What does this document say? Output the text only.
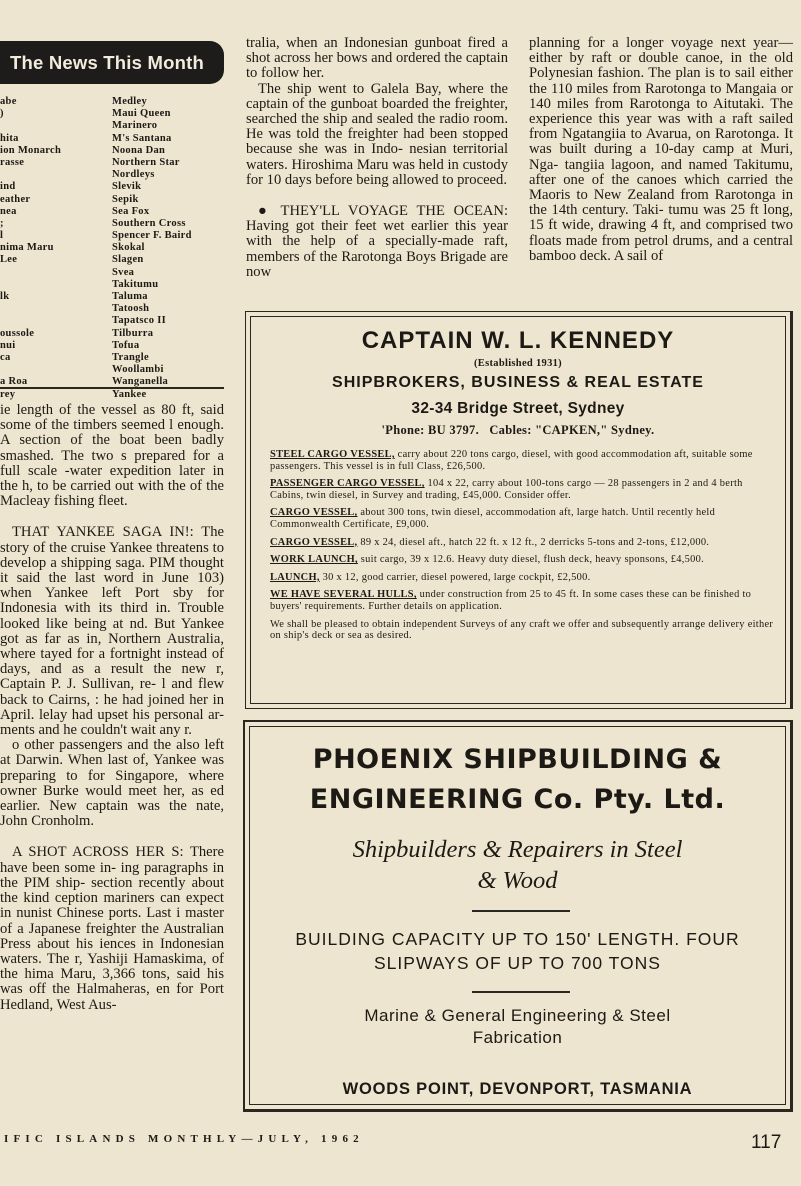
The News This Month
abe
)
hita
ion Monarch
rasse
ind
eather
nea
;
l
nima Maru
Lee
lk
oussole
nui
ca
a Roa
rey
Medley
Maui Queen
Marinero
M's Santana
Noona Dan
Northern Star
Nordleys
Slevik
Sepik
Sea Fox
Southern Cross
Spencer F. Baird
Skokal
Slagen
Svea
Takitumu
Taluma
Tatoosh
Tapatsco II
Tilburra
Tofua
Trangle
Woollambi
Wanganella
Yankee

ie length of the vessel as 80 ft, said some of the timbers seemed l enough. A section of the boat been badly smashed. The two s prepared for a full scale -water expedition later in the h, to be carried out with the of the Macleay fishing fleet.

THAT YANKEE SAGA IN!: The story of the cruise Yankee threatens to develop a shipping saga. PIM thought it said the last word in June 103) when Yankee left Port sby for Indonesia with its third in. Trouble looked like being at nd. But Yankee got as far as in, Northern Australia, where tayed for a fortnight instead of days, and as a result the new r, Captain P. J. Sullivan, re- l and flew back to Cairns, : he had joined her in April. lelay had upset his personal ar- ments and he couldn't wait any r.

o other passengers and the also left at Darwin. When last of, Yankee was preparing to for Singapore, where owner Burke would meet her, as ed earlier. New captain was the nate, John Cronholm.

A SHOT ACROSS HER S: There have been some in- ing paragraphs in the PIM ship- section recently about the kind ception mariners can expect in nunist Chinese ports. Last i master of a Japanese freighter the Australian Press about his iences in Indonesian waters. The r, Yashiji Hamaskima, of the hima Maru, 3,366 tons, said his was off the Halmaheras, en for Port Hedland, West Aus-

tralia, when an Indonesian gunboat fired a shot across her bows and ordered the captain to follow her.

The ship went to Galela Bay, where the captain of the gunboat boarded the freighter, searched the ship and sealed the radio room. He was told the freighter had been stopped because she was in Indo- nesian territorial waters. Hiroshima Maru was held in custody for 10 days before being allowed to proceed.

● THEY'LL VOYAGE THE OCEAN: Having got their feet wet earlier this year with the help of a specially-made raft, members of the Rarotonga Boys Brigade are now

planning for a longer voyage next year—either by raft or double canoe, in the old Polynesian fashion. The plan is to sail either the 110 miles from Rarotonga to Mangaia or 140 miles from Rarotonga to Aitutaki. The experience this year was with a raft sailed from Ngatangiia to Avarua, on Rarotonga. It was built during a 10-day camp at Muri, Nga- tangiia lagoon, and named Takitumu, after one of the canoes which carried the Maoris to New Zealand from Rarotonga in the 14th century. Taki- tumu was 25 ft long, 15 ft wide, drawing 4 ft, and comprised two floats made from petrol drums, and a central bamboo deck. A sail of

CAPTAIN W. L. KENNEDY
(Established 1931)
SHIPBROKERS, BUSINESS & REAL ESTATE
32-34 Bridge Street, Sydney
'Phone: BU 3797. Cables: "CAPKEN," Sydney.

STEEL CARGO VESSEL, carry about 220 tons cargo, diesel, with good accommodation aft, suitable some passengers. This vessel is in full Class, £26,500.

PASSENGER CARGO VESSEL, 104 x 22, carry about 100-tons cargo — 28 passengers in 2 and 4 berth Cabins, twin diesel, in Survey and trading, £45,000. Consider offer.

CARGO VESSEL, about 300 tons, twin diesel, accommodation aft, large hatch. Until recently held Commonwealth Certificate, £9,000.

CARGO VESSEL, 89 x 24, diesel aft., hatch 22 ft. x 12 ft., 2 derricks 5-tons and 2-tons, £12,000.

WORK LAUNCH, suit cargo, 39 x 12.6. Heavy duty diesel, flush deck, heavy sponsons, £4,500.

LAUNCH, 30 x 12, good carrier, diesel powered, large cockpit, £2,500.

WE HAVE SEVERAL HULLS, under construction from 25 to 45 ft. In some cases these can be finished to buyers' requirements. Further details on application.

We shall be pleased to obtain independent Surveys of any craft we offer and subsequently arrange delivery either on ship's deck or sea as desired.

PHOENIX SHIPBUILDING &
ENGINEERING Co. Pty. Ltd.
Shipbuilders & Repairers in Steel
& Wood
BUILDING CAPACITY UP TO 150' LENGTH. FOUR
SLIPWAYS OF UP TO 700 TONS
Marine & General Engineering & Steel
Fabrication
WOODS POINT, DEVONPORT, TASMANIA
IFIC ISLANDS MONTHLY—JULY, 1962	117
